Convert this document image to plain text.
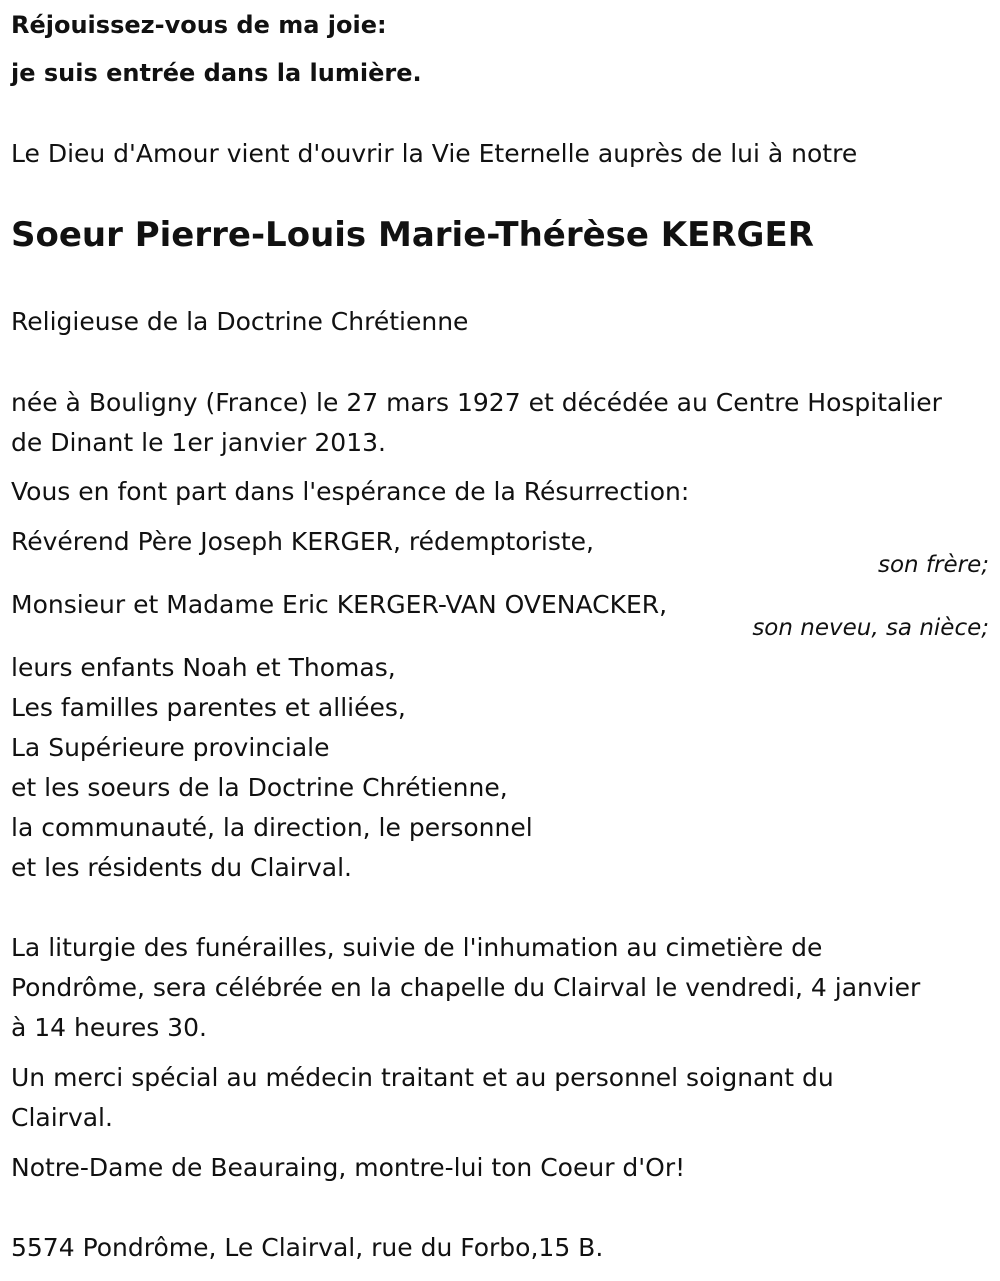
Réjouissez-vous de ma joie:
je suis entrée dans la lumière.
Le Dieu d'Amour vient d'ouvrir la Vie Eternelle auprès de lui à notre
Soeur Pierre-Louis Marie-Thérèse KERGER
Religieuse de la Doctrine Chrétienne
née à Bouligny (France) le 27 mars 1927 et décédée au Centre Hospitalier
de Dinant le 1er janvier 2013.
Vous en font part dans l'espérance de la Résurrection:
Révérend Père Joseph KERGER, rédemptoriste,
son frère;
Monsieur et Madame Eric KERGER-VAN OVENACKER,
son neveu, sa nièce;
leurs enfants Noah et Thomas,
Les familles parentes et alliées,
La Supérieure provinciale
et les soeurs de la Doctrine Chrétienne,
la communauté, la direction, le personnel
et les résidents du Clairval.
La liturgie des funérailles, suivie de l'inhumation au cimetière de
Pondrôme, sera célébrée en la chapelle du Clairval le vendredi, 4 janvier
à 14 heures 30.
Un merci spécial au médecin traitant et au personnel soignant du
Clairval.
Notre-Dame de Beauraing, montre-lui ton Coeur d'Or!
5574 Pondrôme, Le Clairval, rue du Forbo,15 B.
